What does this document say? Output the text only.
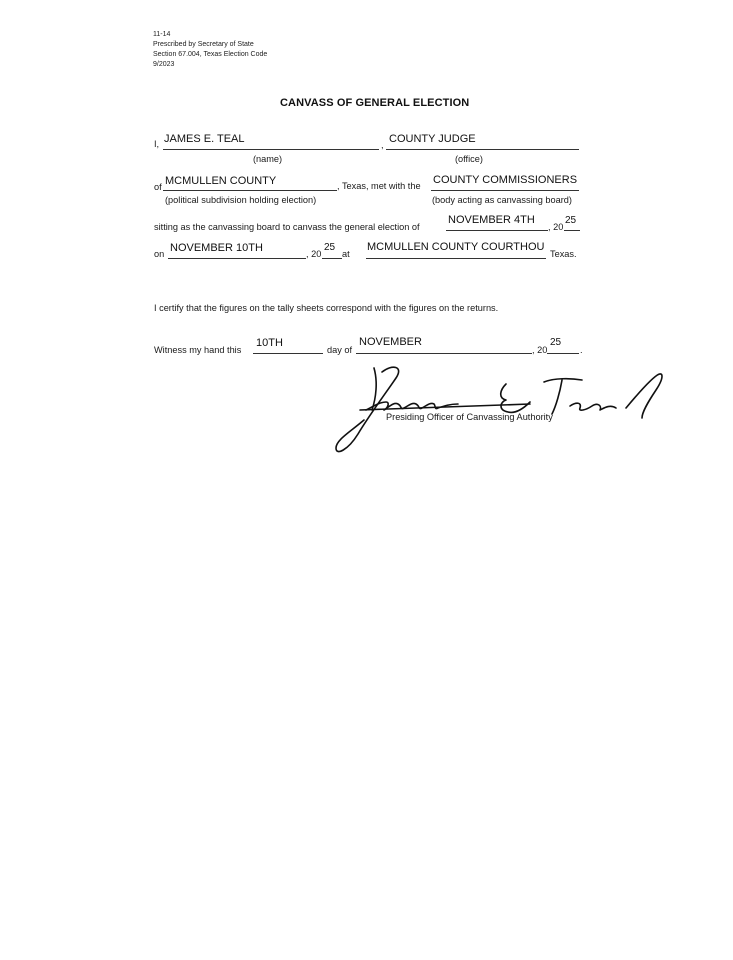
11-14
Prescribed by Secretary of State
Section 67.004, Texas Election Code
9/2023
CANVASS OF GENERAL ELECTION
I, JAMES E. TEAL	, COUNTY JUDGE
(name)	(office)
of MCMULLEN COUNTY	, Texas, met with the COUNTY COMMISSIONERS
(political subdivision holding election)	(body acting as canvassing board)
sitting as the canvassing board to canvass the general election of
NOVEMBER 4TH
, 20
25
on NOVEMBER 10TH	, 20
25
at
MCMULLEN COUNTY COURTHOU
Texas.
I certify that the figures on the tally sheets correspond with the figures on the returns.
Witness my hand this
10TH
day of
NOVEMBER
, 20
25
.
Presiding Officer of Canvassing Authority
